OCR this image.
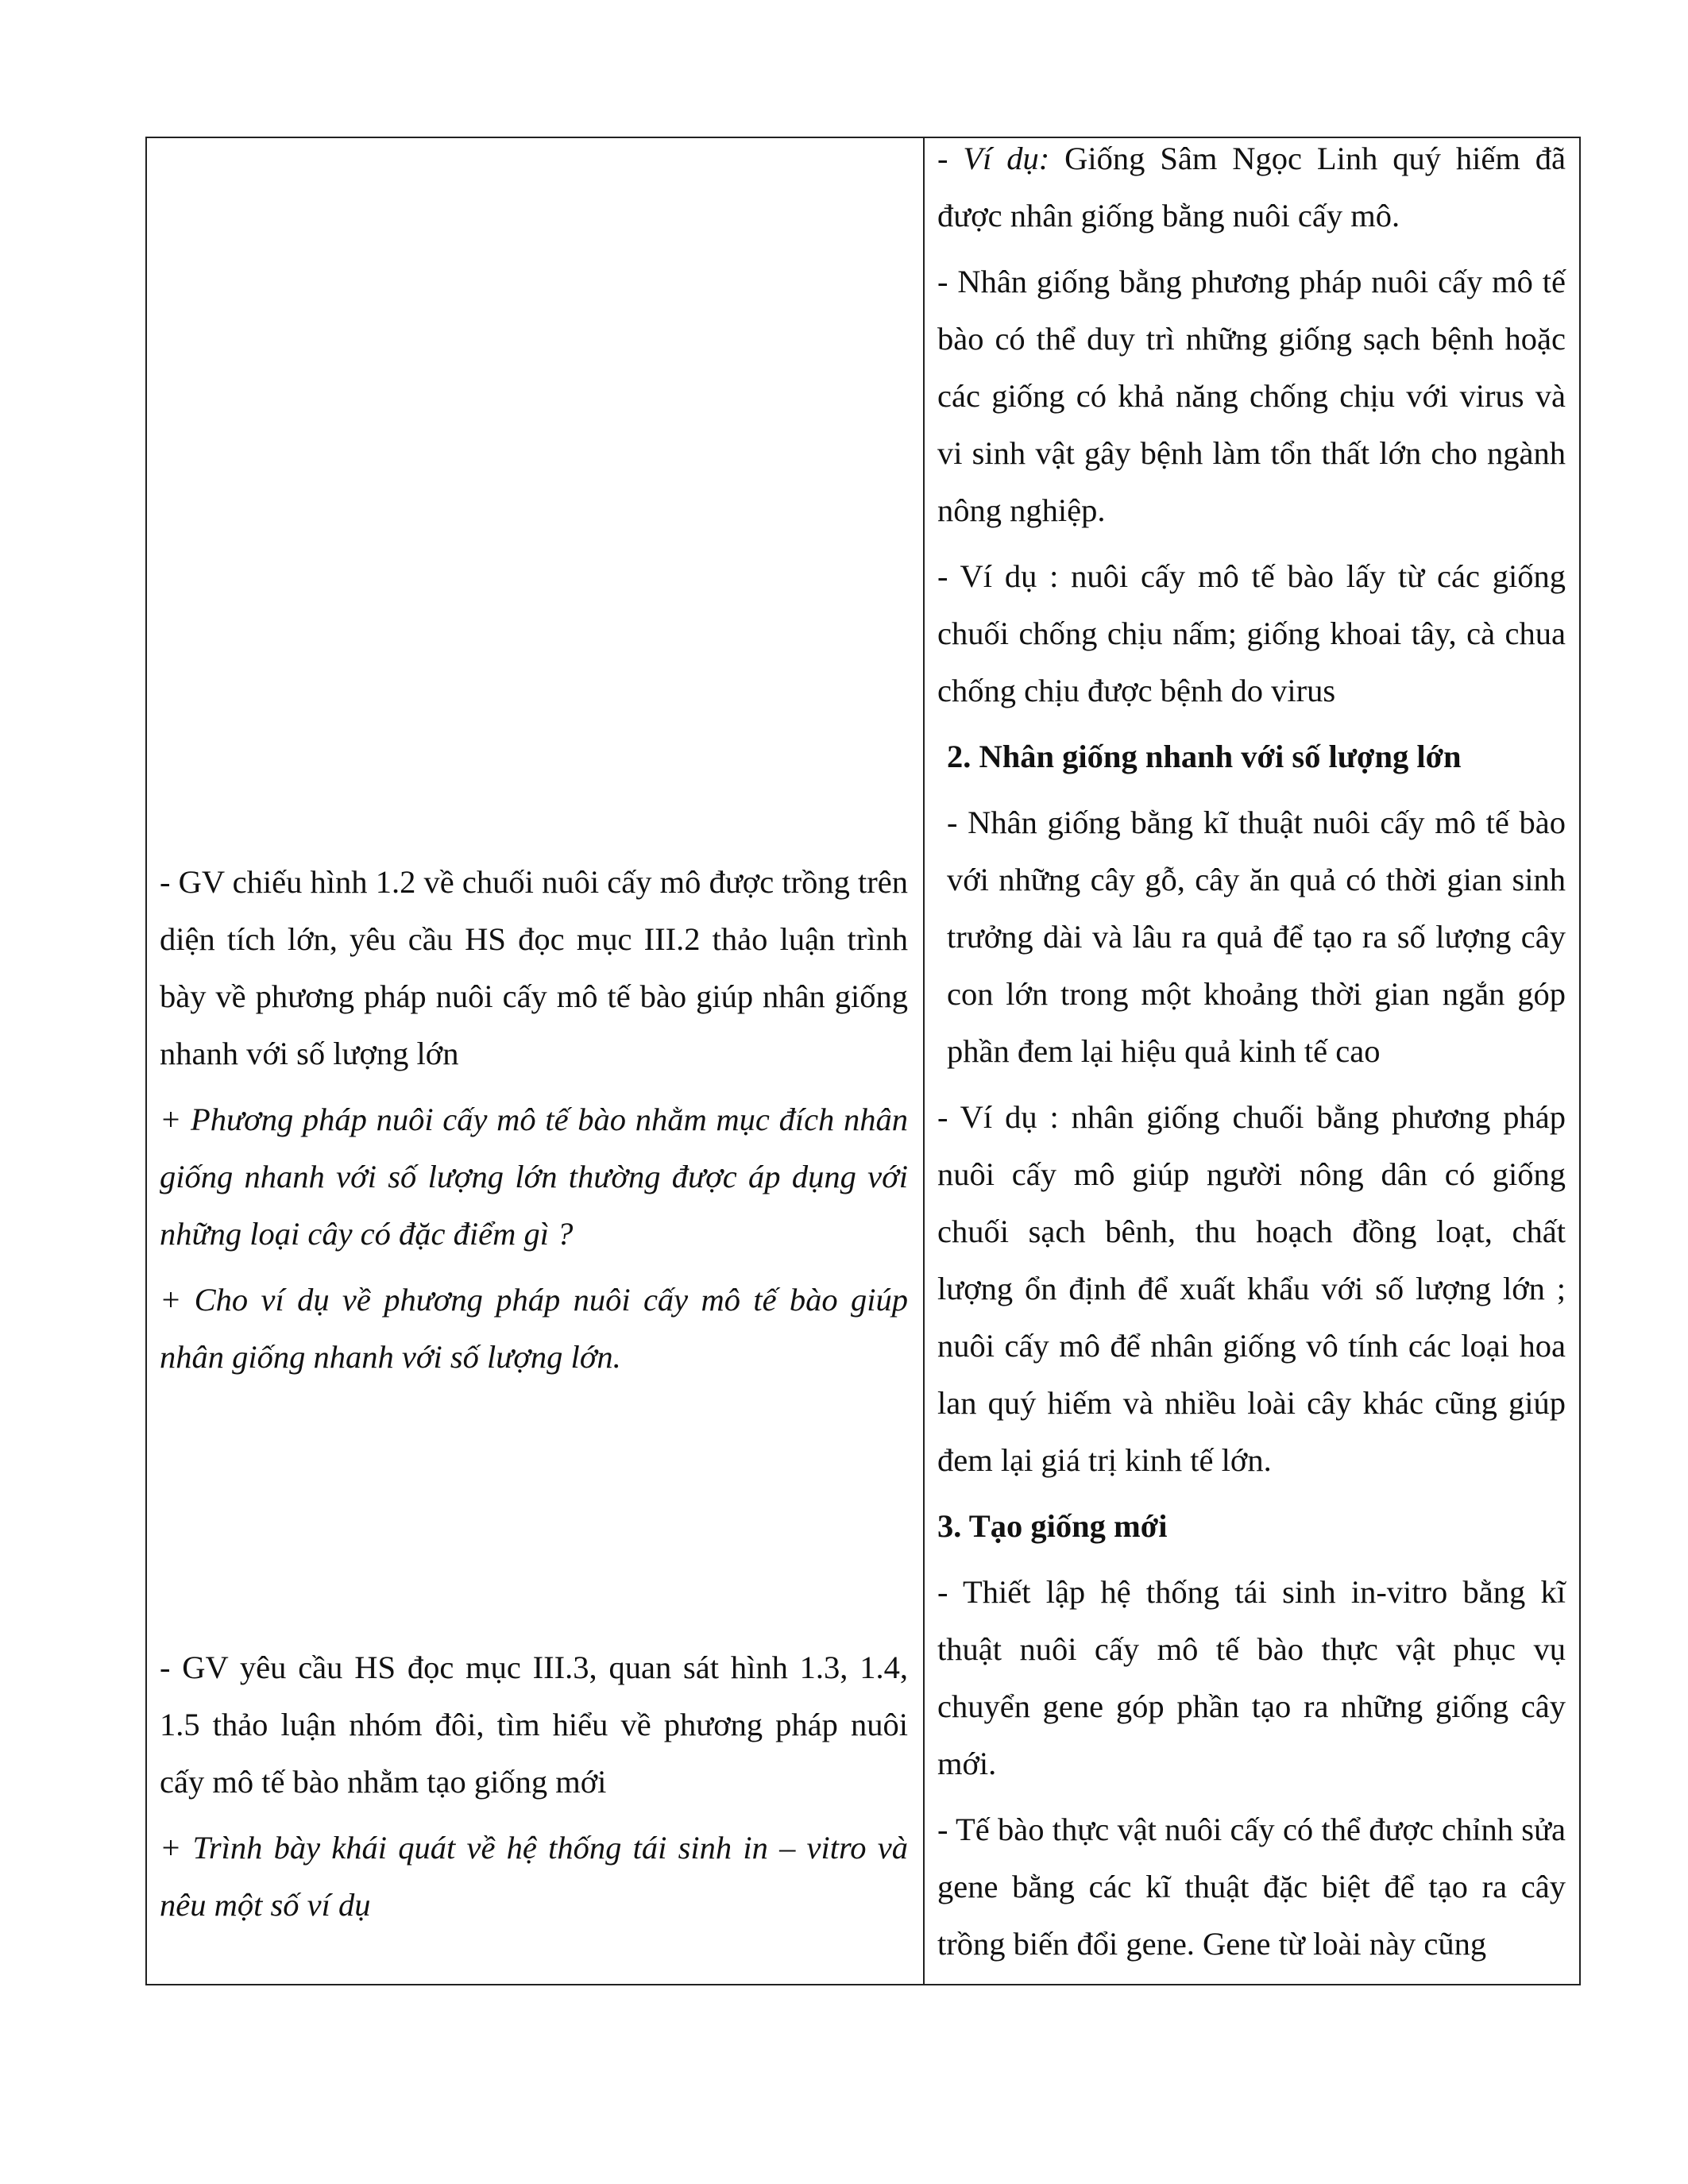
- GV chiếu hình 1.2 về chuối nuôi cấy mô được trồng trên diện tích lớn, yêu cầu HS đọc mục III.2 thảo luận trình bày về phương pháp nuôi cấy mô tế bào giúp nhân giống nhanh với số lượng lớn

+ Phương pháp nuôi cấy mô tế bào nhằm mục đích nhân giống nhanh với số lượng lớn thường được áp dụng với những loại cây có đặc điểm gì ?

+ Cho ví dụ về phương pháp nuôi cấy mô tế bào giúp nhân giống nhanh với số lượng lớn.

- GV yêu cầu HS đọc mục III.3, quan sát hình 1.3, 1.4, 1.5 thảo luận nhóm đôi, tìm hiểu về phương pháp nuôi cấy mô tế bào nhằm tạo giống mới

+ Trình bày khái quát về hệ thống tái sinh in – vitro và nêu một số ví dụ

- Ví dụ: Giống Sâm Ngọc Linh quý hiếm đã được nhân giống bằng nuôi cấy mô.

- Nhân giống bằng phương pháp nuôi cấy mô tế bào có thể duy trì những giống sạch bệnh hoặc các giống có khả năng chống chịu với virus và vi sinh vật gây bệnh làm tổn thất lớn cho ngành nông nghiệp.

- Ví dụ : nuôi cấy mô tế bào lấy từ các giống chuối chống chịu nấm; giống khoai tây, cà chua chống chịu được bệnh do virus

2. Nhân giống nhanh với số lượng lớn

- Nhân giống bằng kĩ thuật nuôi cấy mô tế bào với những cây gỗ, cây ăn quả có thời gian sinh trưởng dài và lâu ra quả để tạo ra số lượng cây con lớn trong một khoảng thời gian ngắn góp phần đem lại hiệu quả kinh tế cao

- Ví dụ : nhân giống chuối bằng phương pháp nuôi cấy mô giúp người nông dân có giống chuối sạch bênh, thu hoạch đồng loạt, chất lượng ổn định để xuất khẩu với số lượng lớn ; nuôi cấy mô để nhân giống vô tính các loại hoa lan quý hiếm và nhiều loài cây khác cũng giúp đem lại giá trị kinh tế lớn.

3. Tạo giống mới

- Thiết lập hệ thống tái sinh in-vitro bằng kĩ thuật nuôi cấy mô tế bào thực vật phục vụ chuyển gene góp phần tạo ra những giống cây mới.

- Tế bào thực vật nuôi cấy có thể được chỉnh sửa gene bằng các kĩ thuật đặc biệt để tạo ra cây trồng biến đổi gene. Gene từ loài này cũng
